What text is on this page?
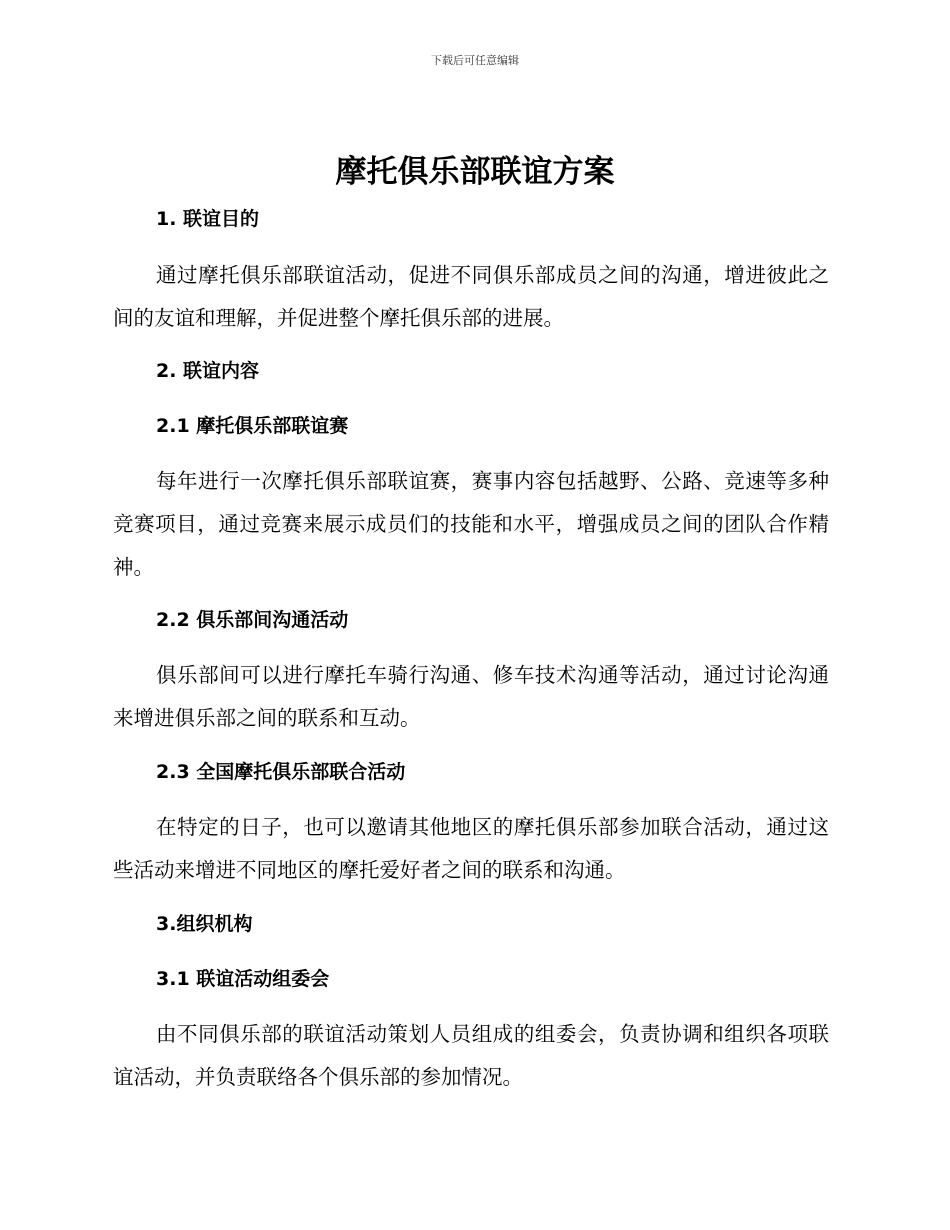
下载后可任意编辑
摩托俱乐部联谊方案
1. 联谊目的

通过摩托俱乐部联谊活动，促进不同俱乐部成员之间的沟通，增进彼此之间的友谊和理解，并促进整个摩托俱乐部的进展。

2. 联谊内容
2.1 摩托俱乐部联谊赛

每年进行一次摩托俱乐部联谊赛，赛事内容包括越野、公路、竞速等多种竞赛项目，通过竞赛来展示成员们的技能和水平，增强成员之间的团队合作精神。

2.2 俱乐部间沟通活动

俱乐部间可以进行摩托车骑行沟通、修车技术沟通等活动，通过讨论沟通来增进俱乐部之间的联系和互动。

2.3 全国摩托俱乐部联合活动

在特定的日子，也可以邀请其他地区的摩托俱乐部参加联合活动，通过这些活动来增进不同地区的摩托爱好者之间的联系和沟通。

3.组织机构
3.1 联谊活动组委会

由不同俱乐部的联谊活动策划人员组成的组委会，负责协调和组织各项联谊活动，并负责联络各个俱乐部的参加情况。
